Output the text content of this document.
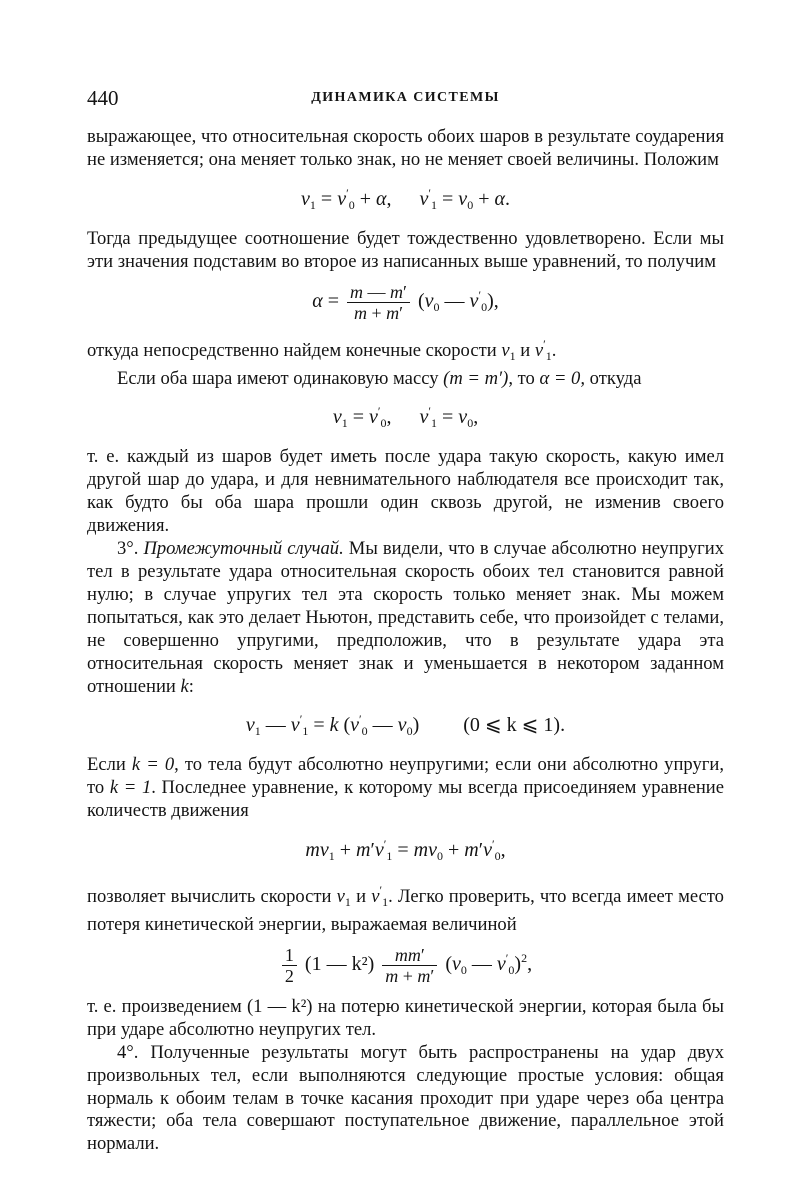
440	ДИНАМИКА СИСТЕМЫ

выражающее, что относительная скорость обоих шаров в результате соударения не изменяется; она меняет только знак, но не меняет своей величины. Положим

$v_1 = v'_0 + \alpha$, $v'_1 = v_0 + \alpha$.

Тогда предыдущее соотношение будет тождественно удовлетворено. Если мы эти значения подставим во второе из написанных выше уравнений, то получим

$\alpha = \frac{m — m'}{m + m'} (v_0$ — $v'_0$),

откуда непосредственно найдем конечные скорости $v_1$ и $v'_1$.

Если оба шара имеют одинаковую массу (m = m′), то α = 0, откуда

$v_1 = v'_0$, $v'_1 = v_0$,

т. е. каждый из шаров будет иметь после удара такую скорость, какую имел другой шар до удара, и для невнимательного наблюдателя все происходит так, как будто бы оба шара прошли один сквозь другой, не изменив своего движения.

3°. Промежуточный случай. Мы видели, что в случае абсолютно неупругих тел в результате удара относительная скорость обоих тел становится равной нулю; в случае упругих тел эта скорость только меняет знак. Мы можем попытаться, как это делает Ньютон, представить себе, что произойдет с телами, не совершенно упругими, предположив, что в результате удара эта относительная скорость меняет знак и уменьшается в некотором заданном отношении k:

$v_1$ — $v'_1 = k$ ($v'_0$ — $v_0$) (0 ⩽ k ⩽ 1).

Если k = 0, то тела будут абсолютно неупругими; если они абсолютно упруги, то k = 1. Последнее уравнение, к которому мы всегда присоединяем уравнение количеств движения

$mv_1 + m'v'_1 = mv_0 + m'v'_0$,

позволяет вычислить скорости $v_1$ и $v'_1$. Легко проверить, что всегда имеет место потеря кинетической энергии, выражаемая величиной

$\frac{1}{2} (1$ — $k^2) \frac{mm'}{m + m'} (v_0$ — $v'_0)^2$,

т. е. произведением (1 — k²) на потерю кинетической энергии, которая была бы при ударе абсолютно неупругих тел.

4°. Полученные результаты могут быть распространены на удар двух произвольных тел, если выполняются следующие простые условия: общая нормаль к обоим телам в точке касания проходит при ударе через оба центра тяжести; оба тела совершают поступательное движение, параллельное этой нормали.
